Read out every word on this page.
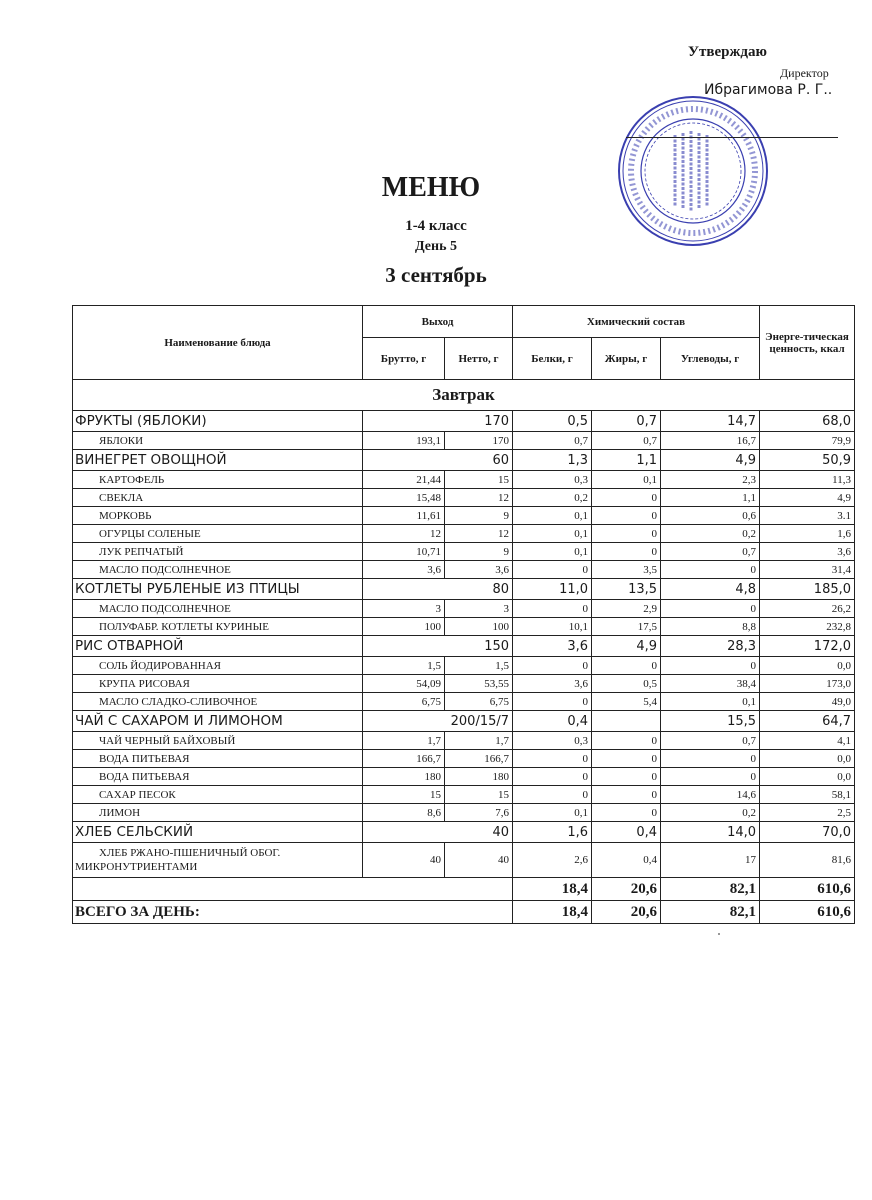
Утверждаю
Директор
Ибрагимова Р. Г..
МЕНЮ
1-4 класс
День 5
3 сентябрь
Наименование блюда	Выход		Химический состав			Энерге-тическая ценность, ккал
	Брутто, г	Нетто, г	Белки, г	Жиры, г	Углеводы, г	
Завтрак						
ФРУКТЫ (ЯБЛОКИ)	170		0,5	0,7	14,7	68,0
ЯБЛОКИ	193,1	170	0,7	0,7	16,7	79,9
ВИНЕГРЕТ ОВОЩНОЙ	60		1,3	1,1	4,9	50,9
КАРТОФЕЛЬ	21,44	15	0,3	0,1	2,3	11,3
СВЕКЛА	15,48	12	0,2	0	1,1	4,9
МОРКОВЬ	11,61	9	0,1	0	0,6	3.1
ОГУРЦЫ СОЛЕНЫЕ	12	12	0,1	0	0,2	1,6
ЛУК РЕПЧАТЫЙ	10,71	9	0,1	0	0,7	3,6
МАСЛО ПОДСОЛНЕЧНОЕ	3,6	3,6	0	3,5	0	31,4
КОТЛЕТЫ РУБЛЕНЫЕ ИЗ ПТИЦЫ	80		11,0	13,5	4,8	185,0
МАСЛО ПОДСОЛНЕЧНОЕ	3	3	0	2,9	0	26,2
ПОЛУФАБР. КОТЛЕТЫ КУРИНЫЕ	100	100	10,1	17,5	8,8	232,8
РИС ОТВАРНОЙ	150		3,6	4,9	28,3	172,0
СОЛЬ ЙОДИРОВАННАЯ	1,5	1,5	0	0	0	0,0
КРУПА РИСОВАЯ	54,09	53,55	3,6	0,5	38,4	173,0
МАСЛО СЛАДКО-СЛИВОЧНОЕ	6,75	6,75	0	5,4	0,1	49,0
ЧАЙ С САХАРОМ И ЛИМОНОМ	200/15/7		0,4		15,5	64,7
ЧАЙ ЧЕРНЫЙ БАЙХОВЫЙ	1,7	1,7	0,3	0	0,7	4,1
ВОДА ПИТЬЕВАЯ	166,7	166,7	0	0	0	0,0
ВОДА ПИТЬЕВАЯ	180	180	0	0	0	0,0
САХАР ПЕСОК	15	15	0	0	14,6	58,1
ЛИМОН	8,6	7,6	0,1	0	0,2	2,5
ХЛЕБ СЕЛЬСКИЙ	40		1,6	0,4	14,0	70,0
ХЛЕБ РЖАНО-ПШЕНИЧНЫЙ ОБОГ. МИКРОНУТРИЕНТАМИ	40	40	2,6	0,4	17	81,6
			18,4	20,6	82,1	610,6
ВСЕГО ЗА ДЕНЬ:			18,4	20,6	82,1	610,6
